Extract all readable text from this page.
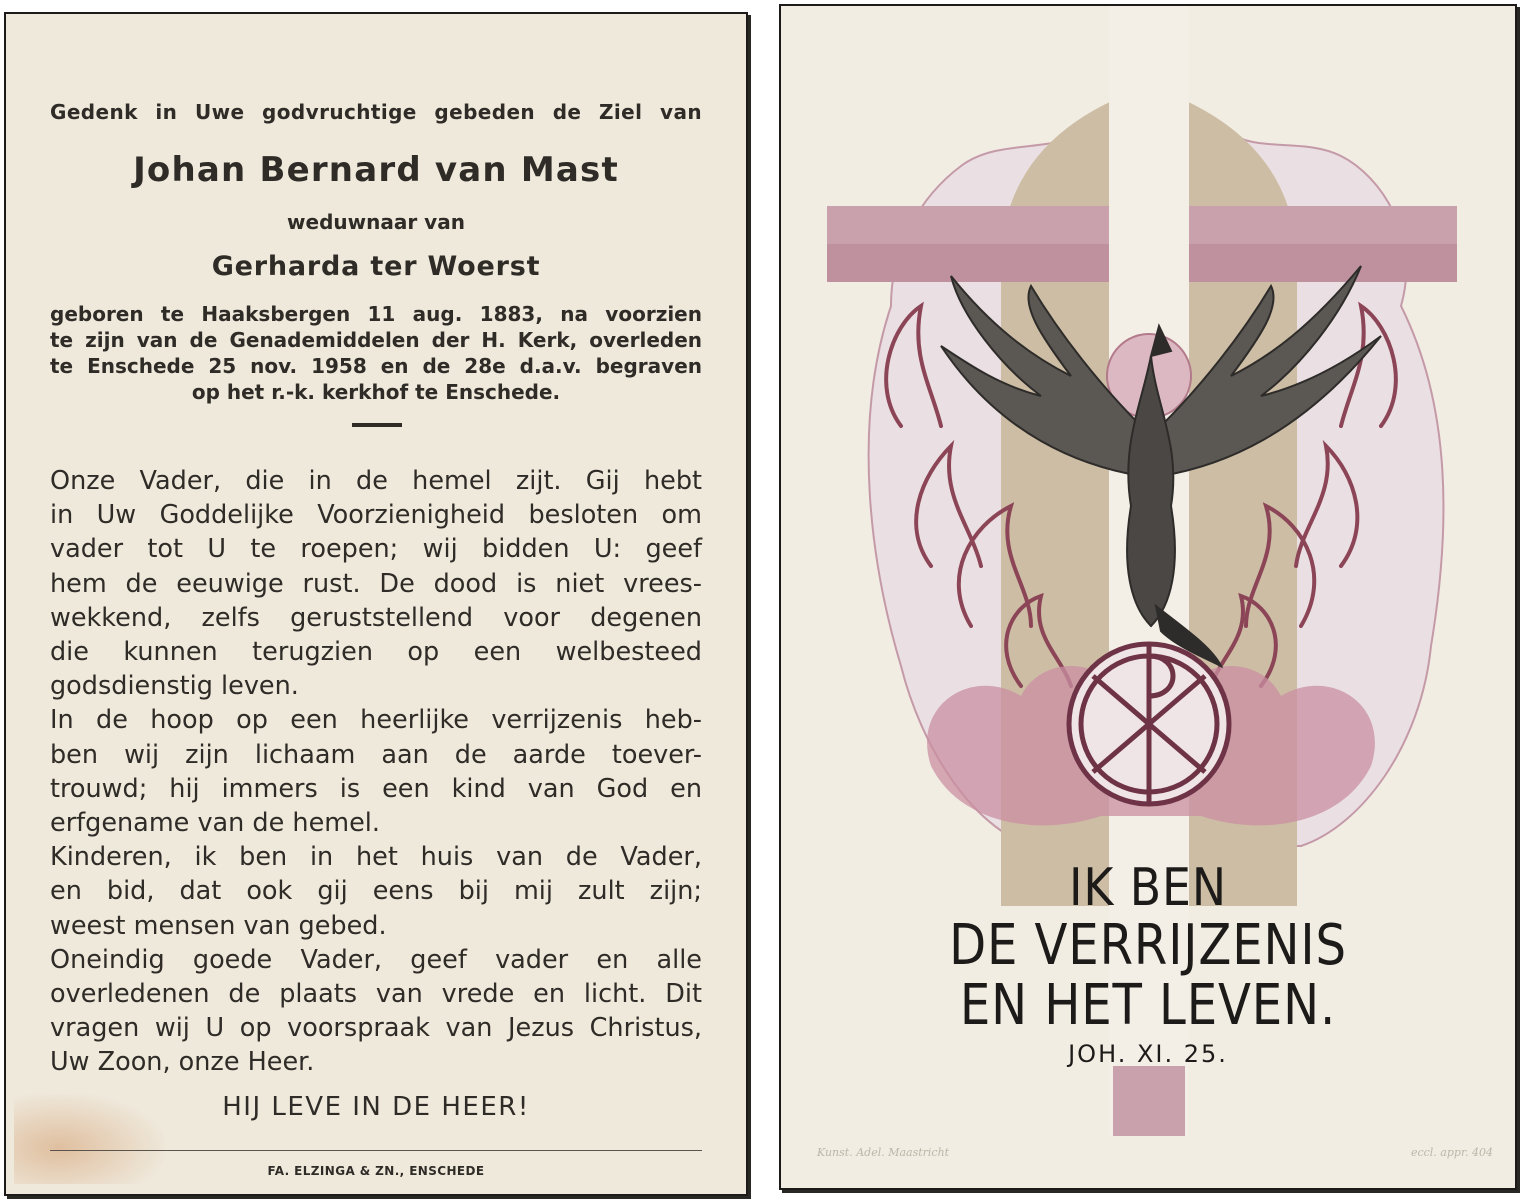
Gedenk in Uwe godvruchtige gebeden de Ziel van
Johan Bernard van Mast
weduwnaar van
Gerharda ter Woerst
geboren te Haaksbergen 11 aug. 1883, na voorzien
te zijn van de Genademiddelen der H. Kerk, overleden
te Enschede 25 nov. 1958 en de 28e d.a.v. begraven
op het r.-k. kerkhof te Enschede.
Onze Vader, die in de hemel zijt. Gij hebt
in Uw Goddelijke Voorzienigheid besloten om
vader tot U te roepen; wij bidden U: geef
hem de eeuwige rust. De dood is niet vrees-
wekkend, zelfs geruststellend voor degenen
die kunnen terugzien op een welbesteed
godsdienstig leven.
In de hoop op een heerlijke verrijzenis heb-
ben wij zijn lichaam aan de aarde toever-
trouwd; hij immers is een kind van God en
erfgename van de hemel.
Kinderen, ik ben in het huis van de Vader,
en bid, dat ook gij eens bij mij zult zijn;
weest mensen van gebed.
Oneindig goede Vader, geef vader en alle
overledenen de plaats van vrede en licht. Dit
vragen wij U op voorspraak van Jezus Christus,
Uw Zoon, onze Heer.
HIJ LEVE IN DE HEER!
FA. ELZINGA & ZN., ENSCHEDE
IK BEN
DE VERRIJZENIS
EN HET LEVEN.
JOH. XI. 25.
Kunst. Adel. Maastricht	eccl. appr. 404
